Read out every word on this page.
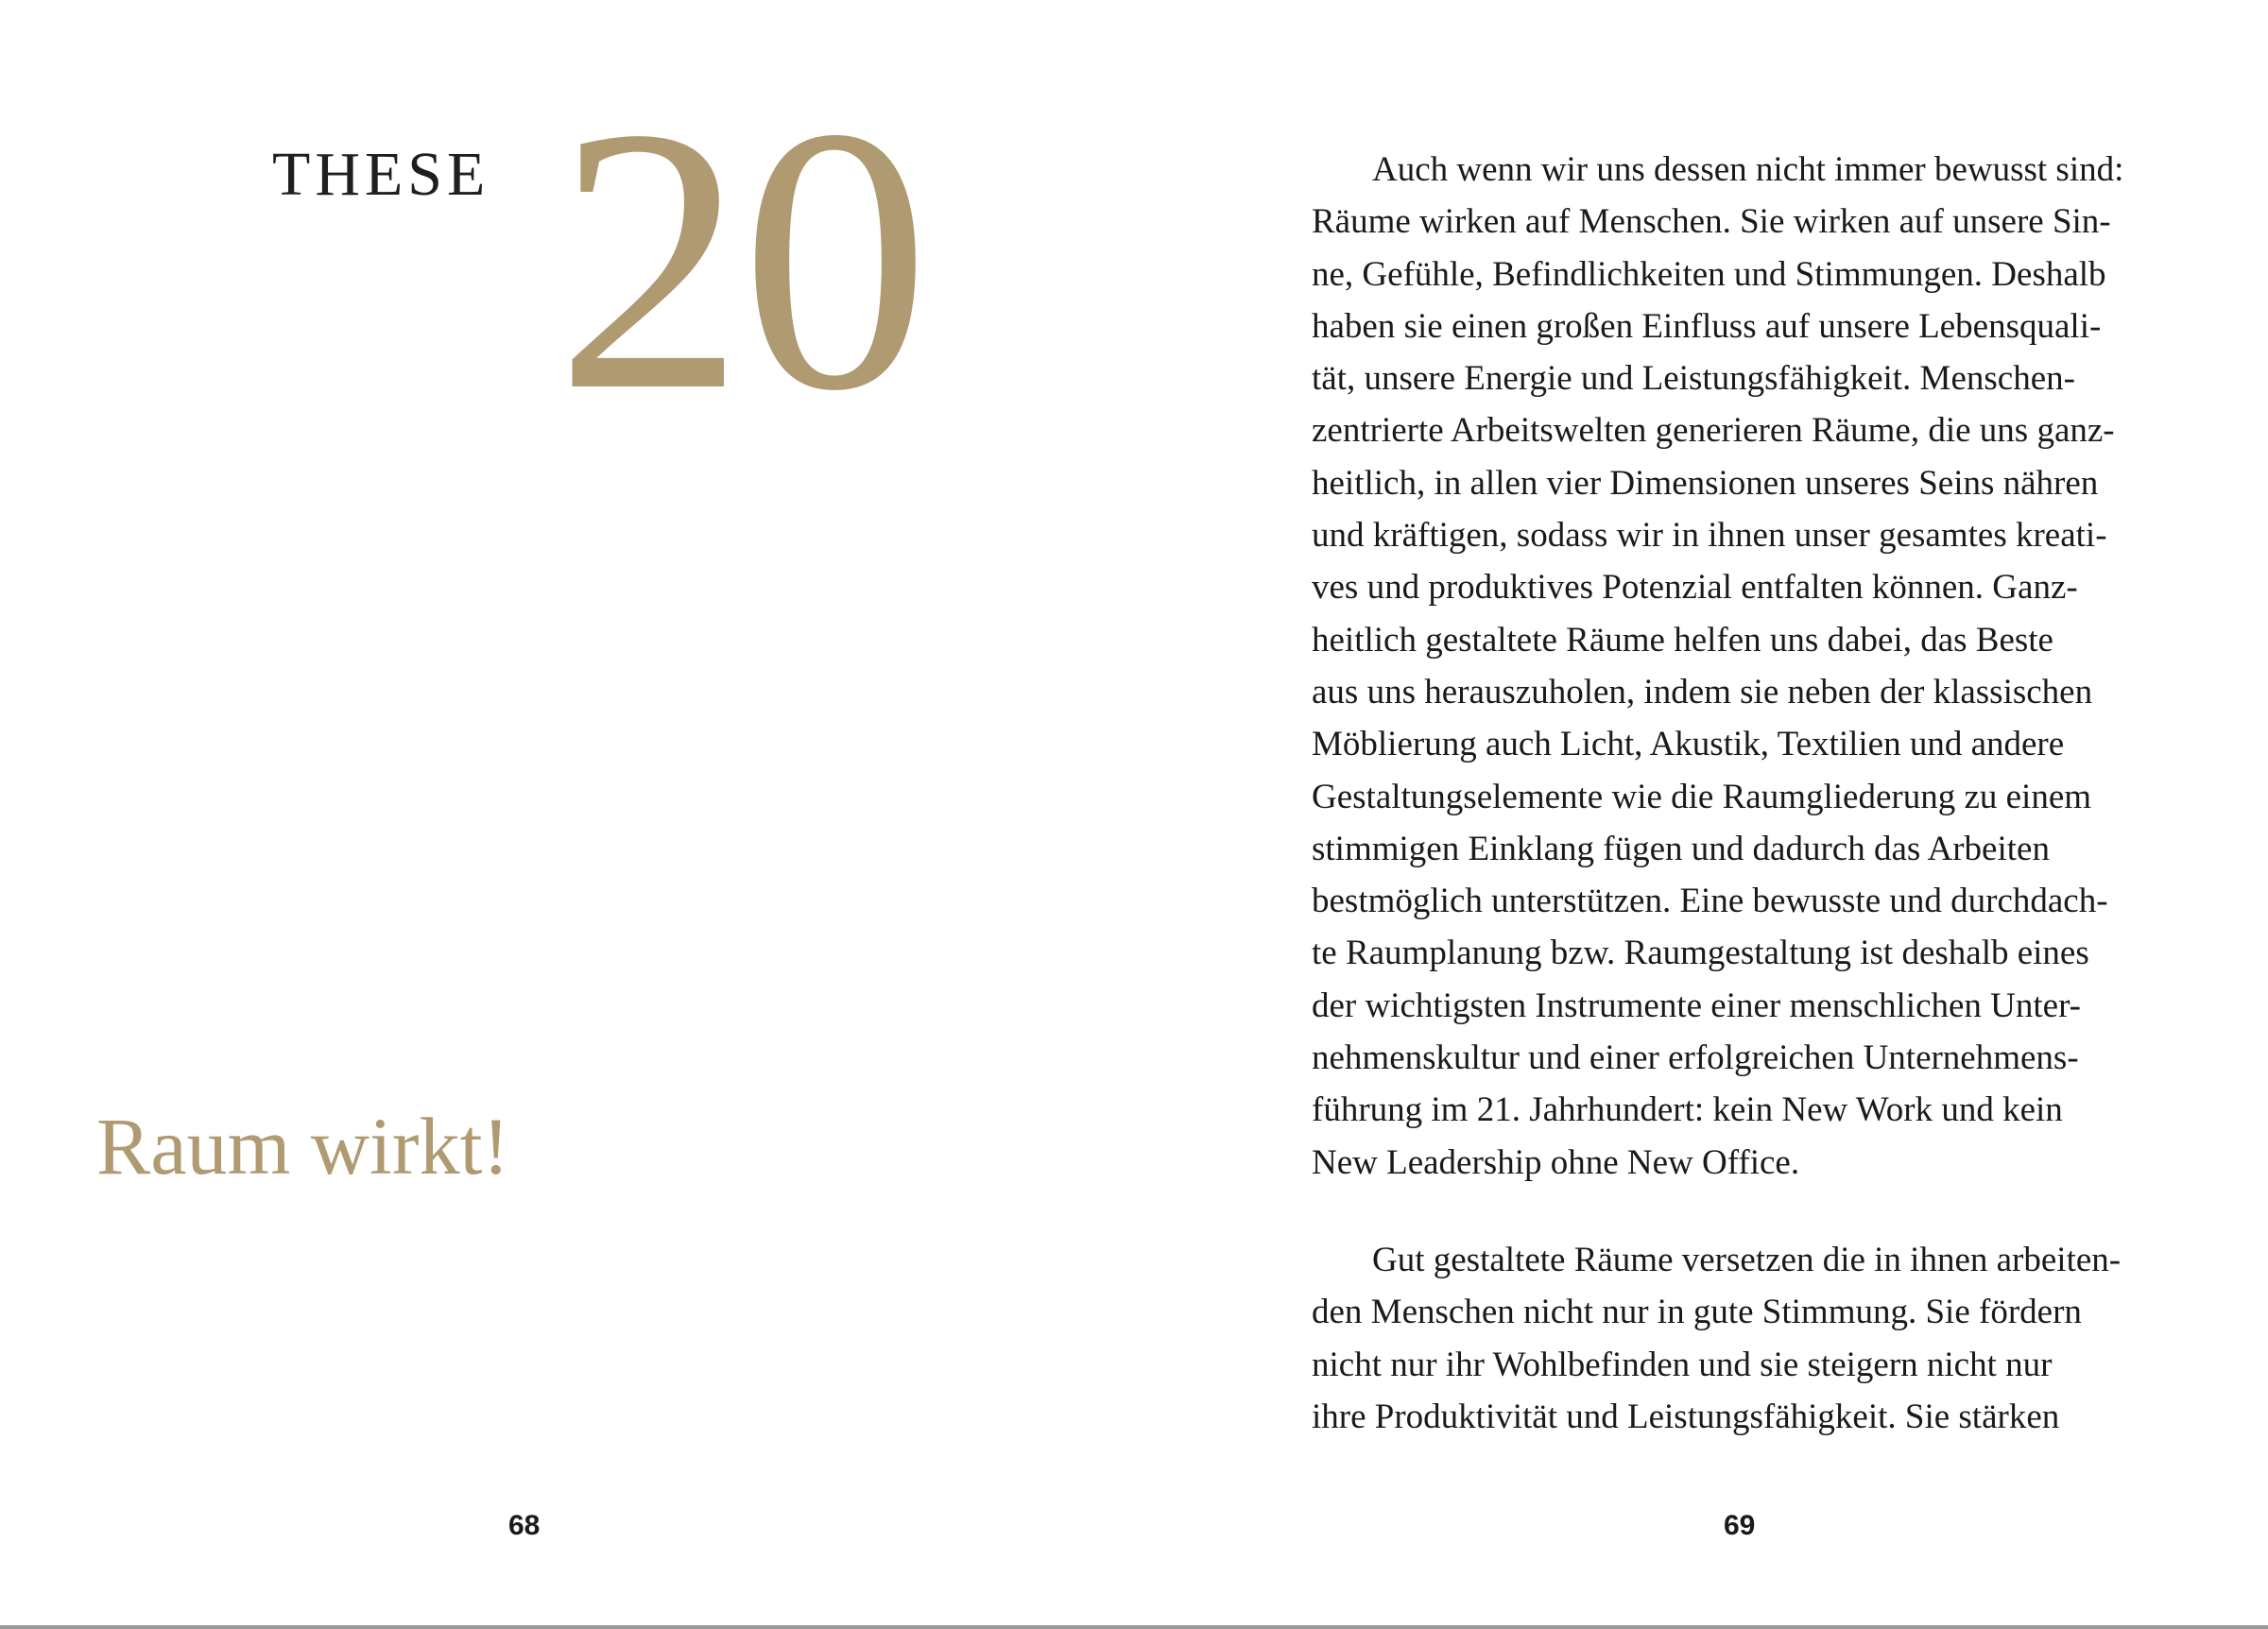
THESE 20
Raum wirkt!
68
Auch wenn wir uns dessen nicht immer bewusst sind:
Räume wirken auf Menschen. Sie wirken auf unsere Sin-
ne, Gefühle, Befindlichkeiten und Stimmungen. Deshalb
haben sie einen großen Einfluss auf unsere Lebensquali-
tät, unsere Energie und Leistungsfähigkeit. Menschen-
zentrierte Arbeitswelten generieren Räume, die uns ganz-
heitlich, in allen vier Dimensionen unseres Seins nähren
und kräftigen, sodass wir in ihnen unser gesamtes kreati-
ves und produktives Potenzial entfalten können. Ganz-
heitlich gestaltete Räume helfen uns dabei, das Beste
aus uns herauszuholen, indem sie neben der klassischen
Möblierung auch Licht, Akustik, Textilien und andere
Gestaltungselemente wie die Raumgliederung zu einem
stimmigen Einklang fügen und dadurch das Arbeiten
bestmöglich unterstützen. Eine bewusste und durchdach-
te Raumplanung bzw. Raumgestaltung ist deshalb eines
der wichtigsten Instrumente einer menschlichen Unter-
nehmenskultur und einer erfolgreichen Unternehmens-
führung im 21. Jahrhundert: kein New Work und kein
New Leadership ohne New Office.
Gut gestaltete Räume versetzen die in ihnen arbeiten-
den Menschen nicht nur in gute Stimmung. Sie fördern
nicht nur ihr Wohlbefinden und sie steigern nicht nur
ihre Produktivität und Leistungsfähigkeit. Sie stärken
69
